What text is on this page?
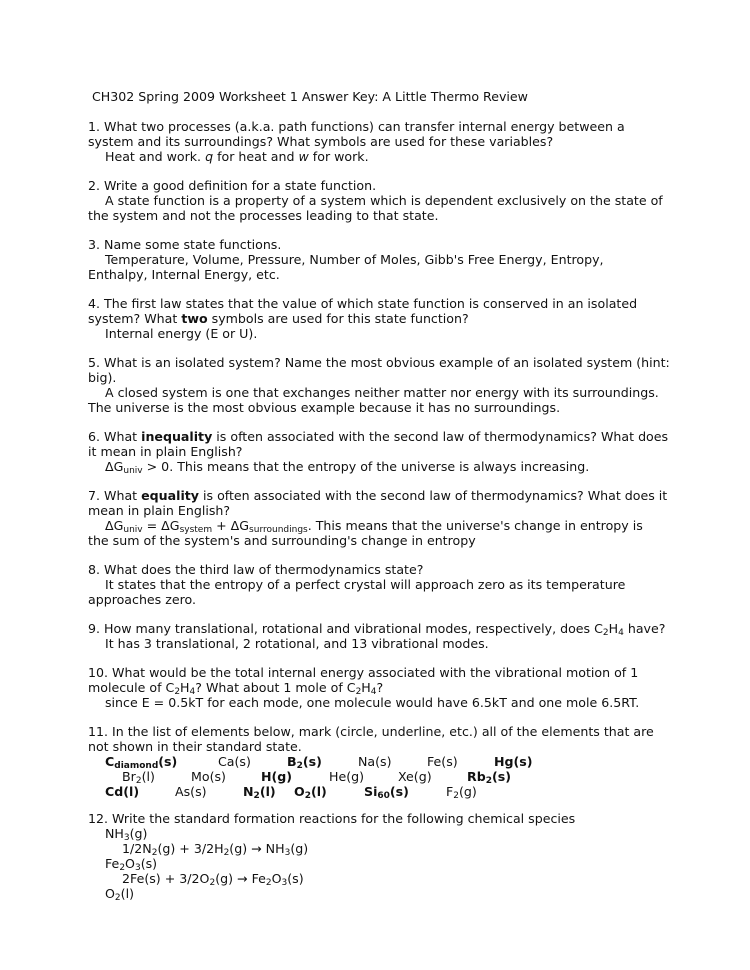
CH302 Spring 2009 Worksheet 1 Answer Key: A Little Thermo Review
1. What two processes (a.k.a. path functions) can transfer internal energy between a
system and its surroundings? What symbols are used for these variables?
Heat and work. q for heat and w for work.
2. Write a good definition for a state function.
A state function is a property of a system which is dependent exclusively on the state of
the system and not the processes leading to that state.
3. Name some state functions.
Temperature, Volume, Pressure, Number of Moles, Gibb's Free Energy, Entropy,
Enthalpy, Internal Energy, etc.
4. The first law states that the value of which state function is conserved in an isolated
system? What two symbols are used for this state function?
Internal energy (E or U).
5. What is an isolated system? Name the most obvious example of an isolated system (hint:
big).
A closed system is one that exchanges neither matter nor energy with its surroundings.
The universe is the most obvious example because it has no surroundings.
6. What inequality is often associated with the second law of thermodynamics? What does
it mean in plain English?
$\Delta G_{univ} > 0$. This means that the entropy of the universe is always increasing.
7. What equality is often associated with the second law of thermodynamics? What does it
mean in plain English?
$\Delta G_{univ} = \Delta G_{system} + \Delta G_{surroundings}$. This means that the universe's change in entropy is
the sum of the system's and surrounding's change in entropy
8. What does the third law of thermodynamics state?
It states that the entropy of a perfect crystal will approach zero as its temperature
approaches zero.
9. How many translational, rotational and vibrational modes, respectively, does $C_2H_4$ have?
It has 3 translational, 2 rotational, and 13 vibrational modes.
10. What would be the total internal energy associated with the vibrational motion of 1
molecule of $C_2H_4$? What about 1 mole of $C_2H_4$?
since E = 0.5kT for each mode, one molecule would have 6.5kT and one mole 6.5RT.
11. In the list of elements below, mark (circle, underline, etc.) all of the elements that are
not shown in their standard state.
$C_{diamond}(s)$	Ca(s)	$B_2(s)$	Na(s)	Fe(s)	Hg(s)
$Br_2(l)$	Mo(s)	H(g)	He(g)	Xe(g)	$Rb_2(s)$
Cd(l)	As(s)	$N_2(l)$ $O_2(l)$	$Si_{60}(s)$	$F_2(g)$
12. Write the standard formation reactions for the following chemical species
$NH_3(g)$
$1/2N_2(g) + 3/2H_2(g) \to NH_3(g)$
$Fe_2O_3(s)$
$2Fe(s) + 3/2O_2(g) \to Fe_2O_3(s)$
$O_2(l)$
